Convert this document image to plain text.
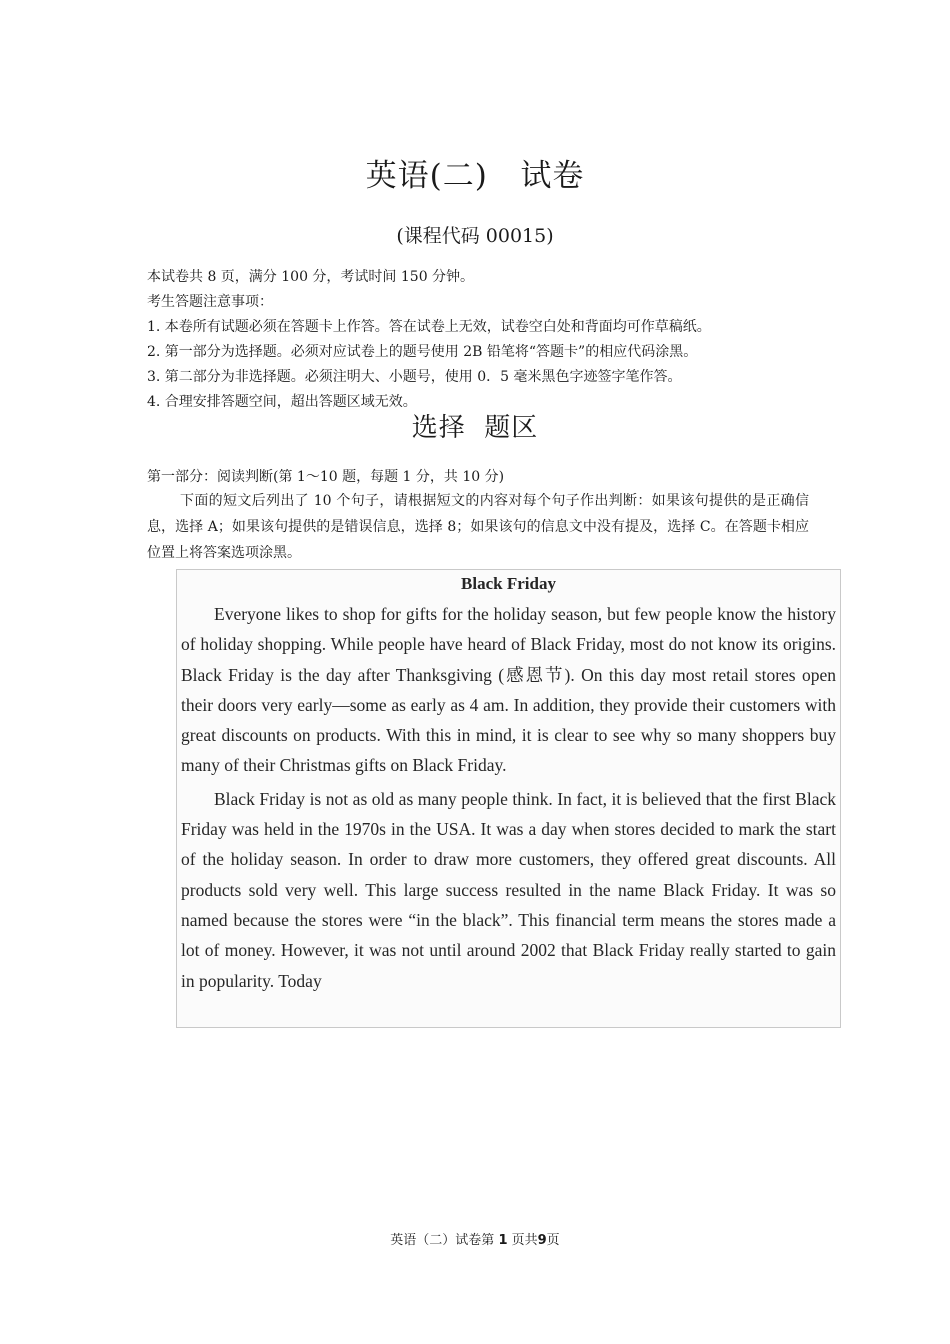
英语(二)   试卷
(课程代码 00015)
本试卷共 8 页，满分 100 分，考试时间 150 分钟。
考生答题注意事项：
1. 本卷所有试题必须在答题卡上作答。答在试卷上无效，试卷空白处和背面均可作草稿纸。
2. 第一部分为选择题。必须对应试卷上的题号使用 2B 铅笔将“答题卡”的相应代码涂黑。
3. 第二部分为非选择题。必须注明大、小题号，使用 0．5 毫米黑色字迹签字笔作答。
4. 合理安排答题空间，超出答题区域无效。
选择  题区
第一部分：阅读判断(第 1～10 题，每题 1 分，共 10 分)
下面的短文后列出了 10 个句子，请根据短文的内容对每个句子作出判断：如果该句提供的是正确信息，选择 A；如果该句提供的是错误信息，选择 8；如果该句的信息文中没有提及，选择 C。在答题卡相应位置上将答案选项涂黑。
Black Friday

Everyone likes to shop for gifts for the holiday season, but few people know the history of holiday shopping. While people have heard of Black Friday, most do not know its origins. Black Friday is the day after Thanksgiving (感恩节). On this day most retail stores open their doors very early—some as early as 4 am. In addition, they provide their customers with great discounts on products. With this in mind, it is clear to see why so many shoppers buy many of their Christmas gifts on Black Friday.

Black Friday is not as old as many people think. In fact, it is believed that the first Black Friday was held in the 1970s in the USA. It was a day when stores decided to mark the start of the holiday season. In order to draw more customers, they offered great discounts. All products sold very well. This large success resulted in the name Black Friday. It was so named because the stores were “in the black”. This financial term means the stores made a lot of money. However, it was not until around 2002 that Black Friday really started to gain in popularity. Today

英语（二）试卷第 1 页共9页
